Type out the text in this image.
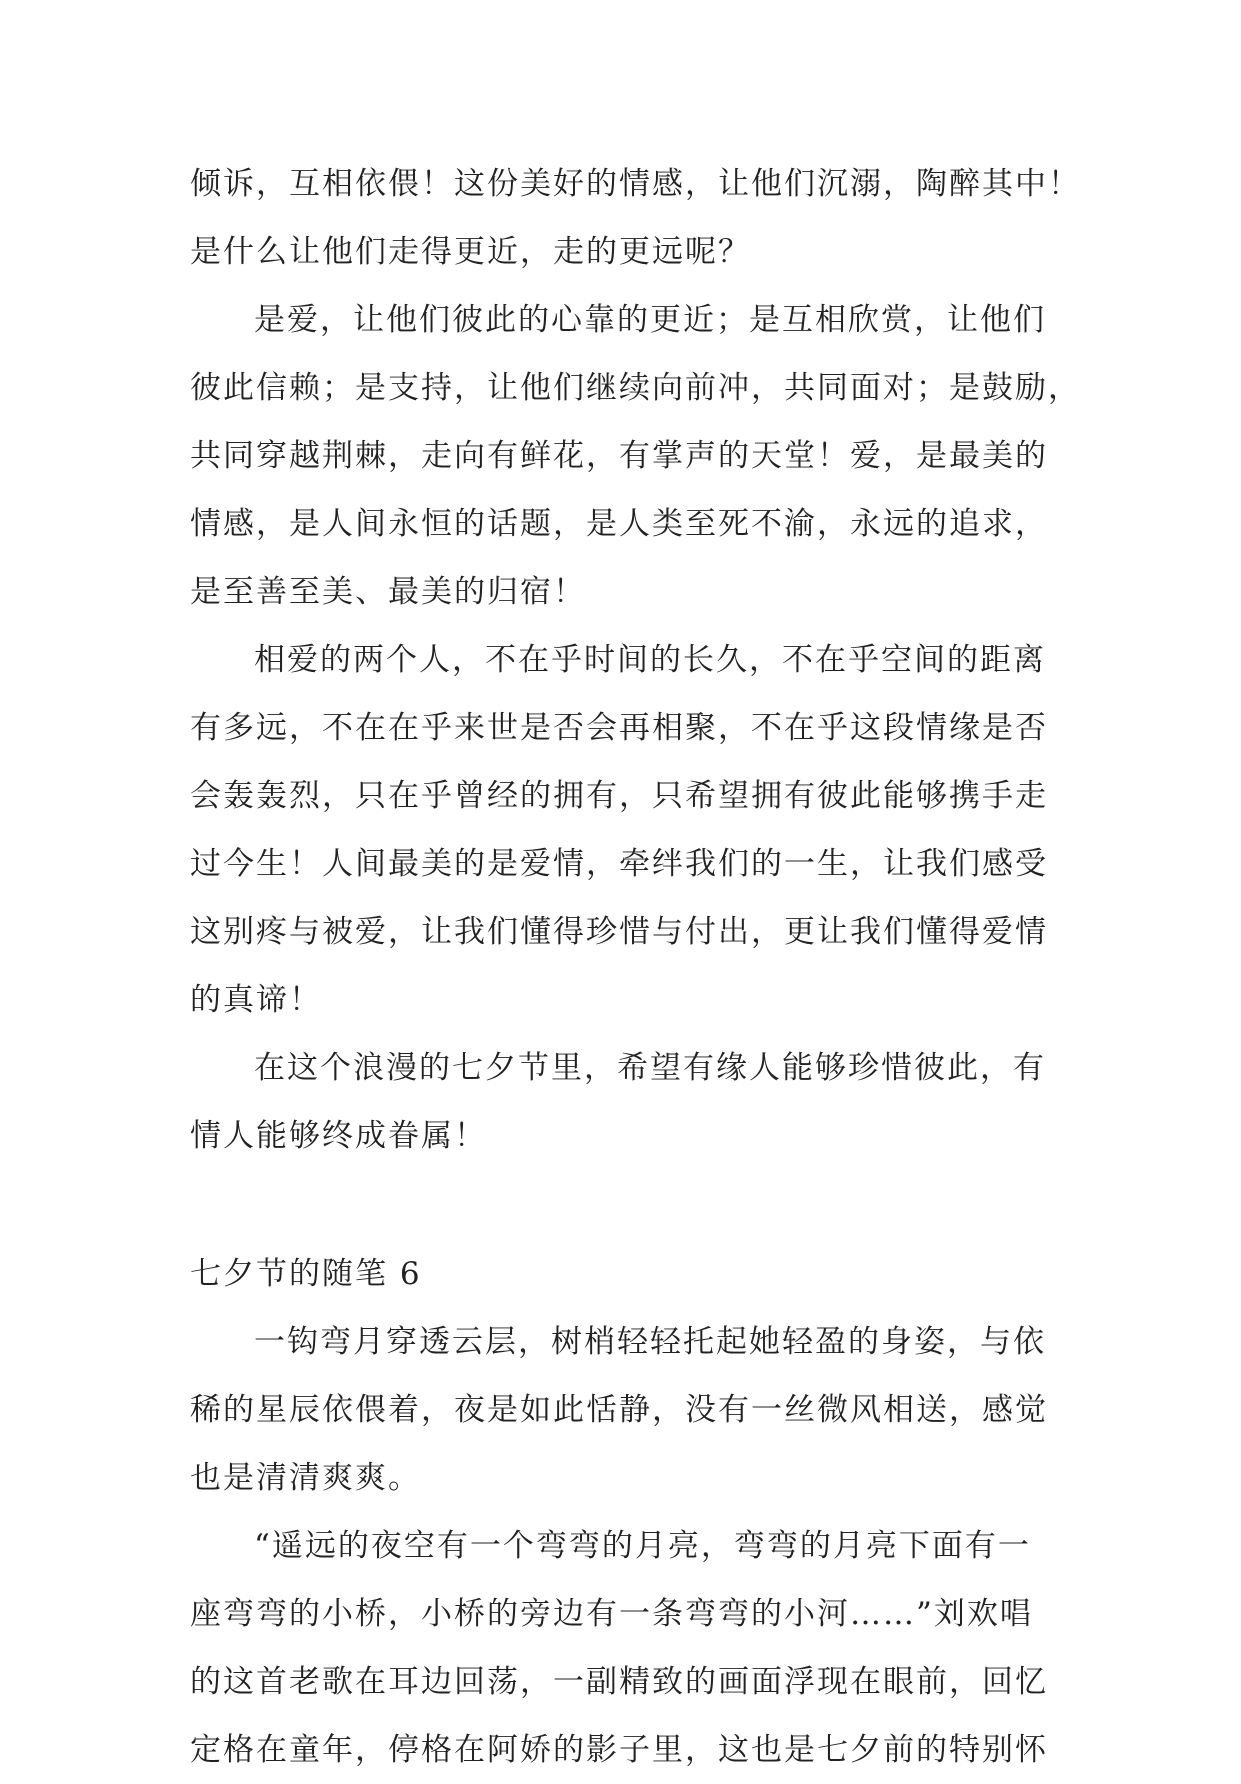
倾诉，互相依偎！这份美好的情感，让他们沉溺，陶醉其中！
是什么让他们走得更近，走的更远呢？
是爱，让他们彼此的心靠的更近；是互相欣赏，让他们
彼此信赖；是支持，让他们继续向前冲，共同面对；是鼓励，
共同穿越荆棘，走向有鲜花，有掌声的天堂！爱，是最美的
情感，是人间永恒的话题，是人类至死不渝，永远的追求，
是至善至美、最美的归宿！
相爱的两个人，不在乎时间的长久，不在乎空间的距离
有多远，不在在乎来世是否会再相聚，不在乎这段情缘是否
会轰轰烈，只在乎曾经的拥有，只希望拥有彼此能够携手走
过今生！人间最美的是爱情，牵绊我们的一生，让我们感受
这别疼与被爱，让我们懂得珍惜与付出，更让我们懂得爱情
的真谛！
在这个浪漫的七夕节里，希望有缘人能够珍惜彼此，有
情人能够终成眷属！
七夕节的随笔 6
一钩弯月穿透云层，树梢轻轻托起她轻盈的身姿，与依
稀的星辰依偎着，夜是如此恬静，没有一丝微风相送，感觉
也是清清爽爽。
“遥远的夜空有一个弯弯的月亮，弯弯的月亮下面有一
座弯弯的小桥，小桥的旁边有一条弯弯的小河……”刘欢唱
的这首老歌在耳边回荡，一副精致的画面浮现在眼前，回忆
定格在童年，停格在阿娇的影子里，这也是七夕前的特别怀
